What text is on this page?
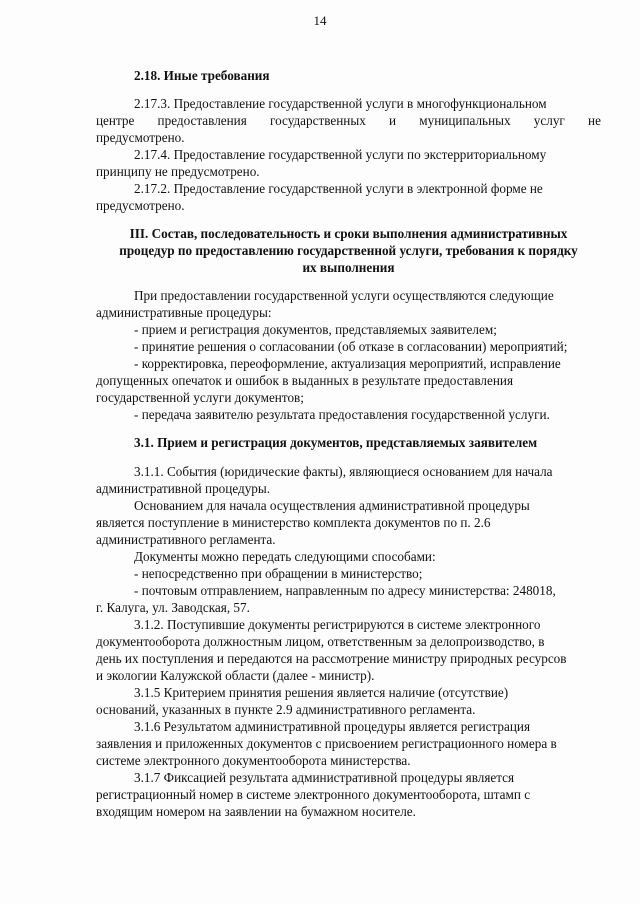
14
2.18. Иные требования
2.17.3. Предоставление государственной услуги в многофункциональном
центре предоставления государственных и муниципальных услуг не
предусмотрено.
2.17.4. Предоставление государственной услуги по экстерриториальному
принципу не предусмотрено.
2.17.2. Предоставление государственной услуги в электронной форме не
предусмотрено.
III. Состав, последовательность и сроки выполнения административных
процедур по предоставлению государственной услуги, требования к порядку
их выполнения
При предоставлении государственной услуги осуществляются следующие
административные процедуры:
- прием и регистрация документов, представляемых заявителем;
- принятие решения о согласовании (об отказе в согласовании) мероприятий;
- корректировка, переоформление, актуализация мероприятий, исправление
допущенных опечаток и ошибок в выданных в результате предоставления
государственной услуги документов;
- передача заявителю результата предоставления государственной услуги.
3.1. Прием и регистрация документов, представляемых заявителем
3.1.1. События (юридические факты), являющиеся основанием для начала
административной процедуры.
Основанием для начала осуществления административной процедуры
является поступление в министерство комплекта документов по п. 2.6
административного регламента.
Документы можно передать следующими способами:
- непосредственно при обращении в министерство;
- почтовым отправлением, направленным по адресу министерства: 248018,
г. Калуга, ул. Заводская, 57.
3.1.2. Поступившие документы регистрируются в системе электронного
документооборота должностным лицом, ответственным за делопроизводство, в
день их поступления и передаются на рассмотрение министру природных ресурсов
и экологии Калужской области (далее - министр).
3.1.5 Критерием принятия решения является наличие (отсутствие)
оснований, указанных в пункте 2.9 административного регламента.
3.1.6 Результатом административной процедуры является регистрация
заявления и приложенных документов с присвоением регистрационного номера в
системе электронного документооборота министерства.
3.1.7 Фиксацией результата административной процедуры является
регистрационный номер в системе электронного документооборота, штамп с
входящим номером на заявлении на бумажном носителе.
